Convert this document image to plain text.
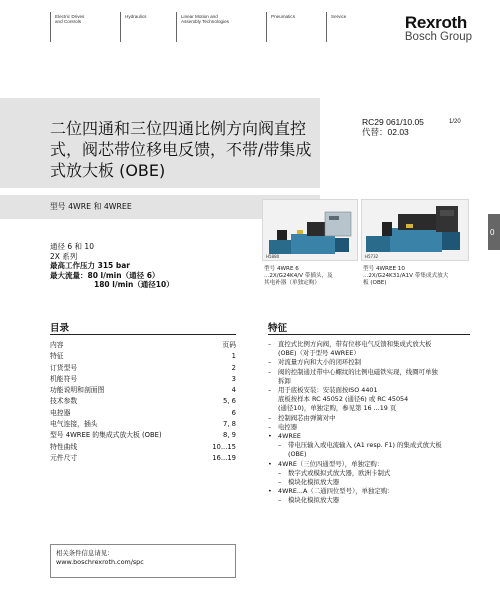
Electric Drives
and Controls
Hydraulics	Linear Motion and
Assembly Technologies
Pneumatics	Service	Rexroth
Bosch Group
二位四通和三位四通比例方向阀直控式，阀芯带位移电反馈，不带/带集成式放大板 (OBE)
RC29 061/10.05
代替：02.03
1/20
型号 4WRE 和 4WREE
0
通径 6 和 10
2X 系列
最高工作压力 315 bar
最大流量：80 l/min（通径 6）
180 l/min（通径10）
H5880	H5732
型号 4WRE 6
...2X/G24K4/V 带插头，及
其电补器（单独定购）
型号 4WREE 10
...2X/G24K31/A1V 带集成式放大
板 (OBE)
目录
内容	页码
特征	1
订货型号	2
机能符号	3
功能说明和剖面图	4
技术参数	5, 6
电控器	6
电气连接，插头	7, 8
型号 4WREE 的集成式放大板 (OBE)	8, 9
特性曲线	10...15
元件尺寸	16...19
特征
–	直控式比例方向阀，带有位移电气反馈和集成式放大板
(OBE)（对于型号 4WREE）
–	对流量方向和大小的闭环控制
–	阀的控制通过带中心螺纹的比例电磁铁实现，线圈可单独
拆卸
–	用于底板安装：安装面按ISO 4401
底板按样本 RC 45052 (通径6) 或 RC 45054
(通径10)，单独定购，参见第 16 ...19 页
–	控制阀芯由弹簧对中
–	电控器
• 4WREE
–	带电压输入或电流输入 (A1 resp. F1) 的集成式放大板
(OBE)
• 4WRE（三位四通型号），单独定购：
–	数字式或模拟式放大器，欧洲卡制式
–	模块化模拟放大器
• 4WRE...A（二通四位型号），单独定购：
–	模块化模拟放大器
相关条件信息请见：
www.boschrexroth.com/spc
